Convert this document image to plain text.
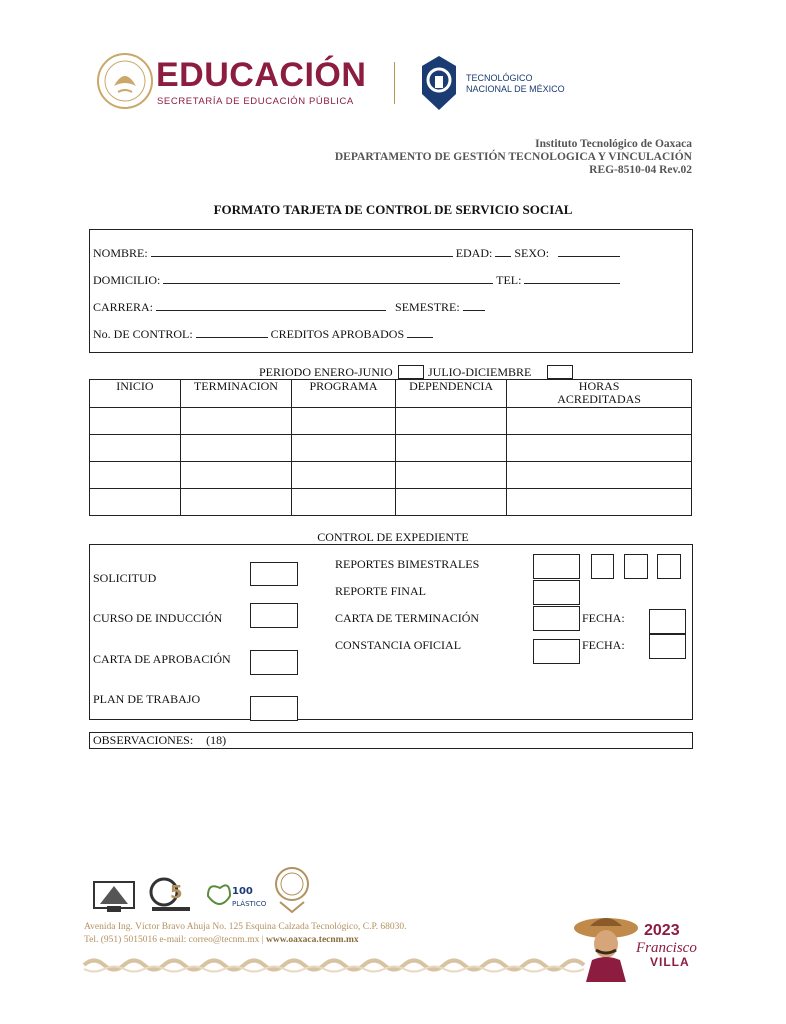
EDUCACIÓN
SECRETARÍA DE EDUCACIÓN PÚBLICA
TECNOLÓGICO
NACIONAL DE MÉXICO
Instituto Tecnológico de Oaxaca
DEPARTAMENTO DE GESTIÓN TECNOLOGICA Y VINCULACIÓN
REG-8510-04 Rev.02
FORMATO TARJETA DE CONTROL DE SERVICIO SOCIAL
NOMBRE:	EDAD: SEXO:
DOMICILIO:	TEL:
CARRERA:	SEMESTRE:
No. DE CONTROL:	CREDITOS APROBADOS
PERIODO ENERO-JUNIO	JULIO-DICIEMBRE
INICIO	TERMINACION	PROGRAMA	DEPENDENCIA	HORAS ACREDITADAS

CONTROL DE EXPEDIENTE
SOLICITUD
CURSO DE INDUCCIÓN
CARTA DE APROBACIÓN
PLAN DE TRABAJO
REPORTES BIMESTRALES
REPORTE FINAL
CARTA DE TERMINACIÓN	FECHA:
CONSTANCIA OFICIAL	FECHA:
OBSERVACIONES: (18)
5	100
PLÁSTICO
Avenida Ing. Víctor Bravo Ahuja No. 125 Esquina Calzada Tecnológico, C.P. 68030.
Tel. (951) 5015016 e-mail: correo@tecnm.mx | www.oaxaca.tecnm.mx
2023
Francisco
VILLA
